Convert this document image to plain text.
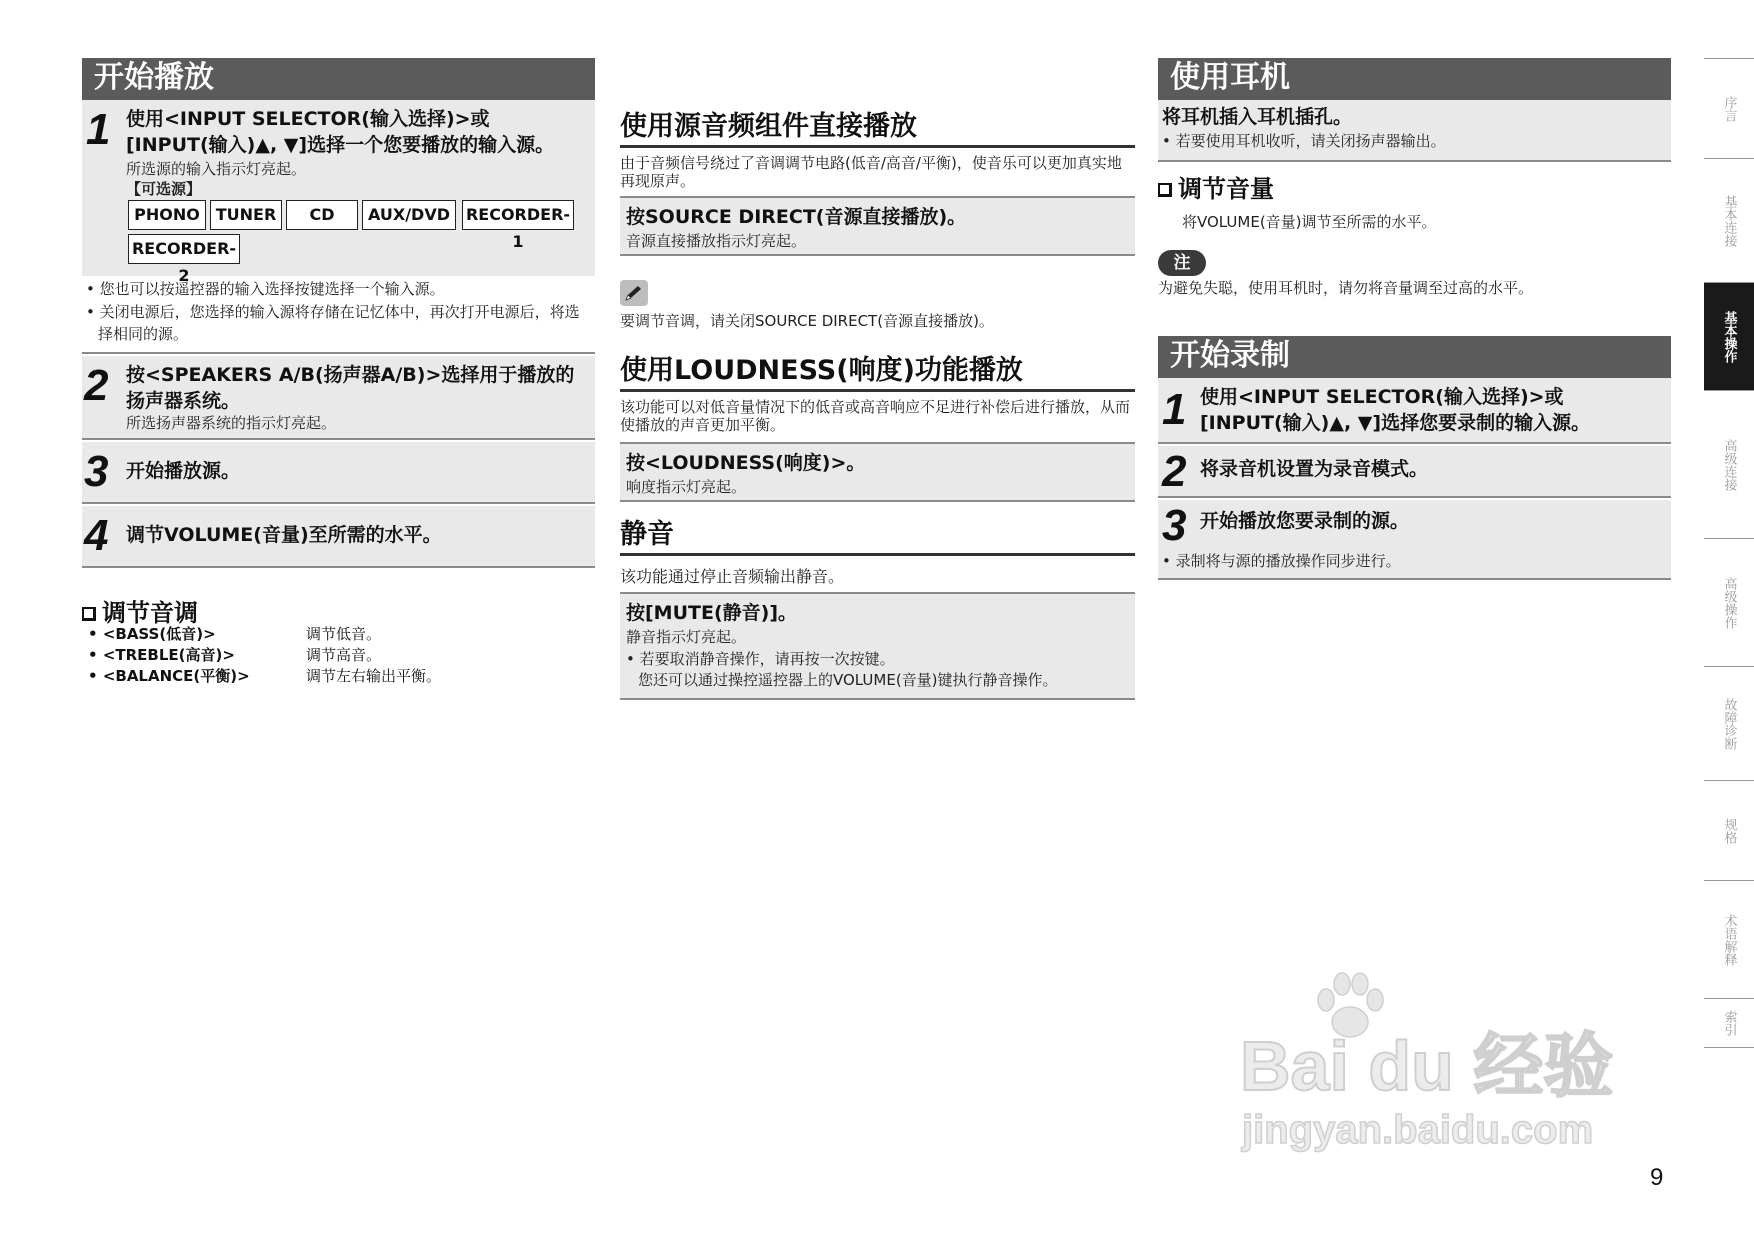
开始播放
1 使用<INPUT SELECTOR(输入选择)>或[INPUT(输入)▲, ▼]选择一个您要播放的输入源。
所选源的输入指示灯亮起。
【可选源】
PHONO TUNER	CD	AUX/DVD RECORDER-1
RECORDER-2
• 您也可以按遥控器的输入选择按键选择一个输入源。
• 关闭电源后，您选择的输入源将存储在记忆体中，再次打开电源后，将选择相同的源。
2 按<SPEAKERS A/B(扬声器A/B)>选择用于播放的扬声器系统。
所选扬声器系统的指示灯亮起。
3 开始播放源。
4 调节VOLUME(音量)至所需的水平。
调节音调
• <BASS(低音)>	调节低音。
• <TREBLE(高音)>	调节高音。
• <BALANCE(平衡)>	调节左右输出平衡。
使用源音频组件直接播放
由于音频信号绕过了音调调节电路(低音/高音/平衡)，使音乐可以更加真实地再现原声。
按SOURCE DIRECT(音源直接播放)。
音源直接播放指示灯亮起。
要调节音调，请关闭SOURCE DIRECT(音源直接播放)。
使用LOUDNESS(响度)功能播放
该功能可以对低音量情况下的低音或高音响应不足进行补偿后进行播放，从而使播放的声音更加平衡。
按<LOUDNESS(响度)>。
响度指示灯亮起。
静音
该功能通过停止音频输出静音。
按[MUTE(静音)]。
静音指示灯亮起。
• 若要取消静音操作，请再按一次按键。
您还可以通过操控遥控器上的VOLUME(音量)键执行静音操作。
使用耳机
将耳机插入耳机插孔。
• 若要使用耳机收听，请关闭扬声器输出。
调节音量
将VOLUME(音量)调节至所需的水平。
注
为避免失聪，使用耳机时，请勿将音量调至过高的水平。
开始录制
1 使用<INPUT SELECTOR(输入选择)>或[INPUT(输入)▲, ▼]选择您要录制的输入源。
2 将录音机设置为录音模式。
3 开始播放您要录制的源。
• 录制将与源的播放操作同步进行。
序言
基本连接
基本操作
高级连接
高级操作
故障诊断
规格
术语解释
索引
Bai du 经验
jingyan.baidu.com
9
